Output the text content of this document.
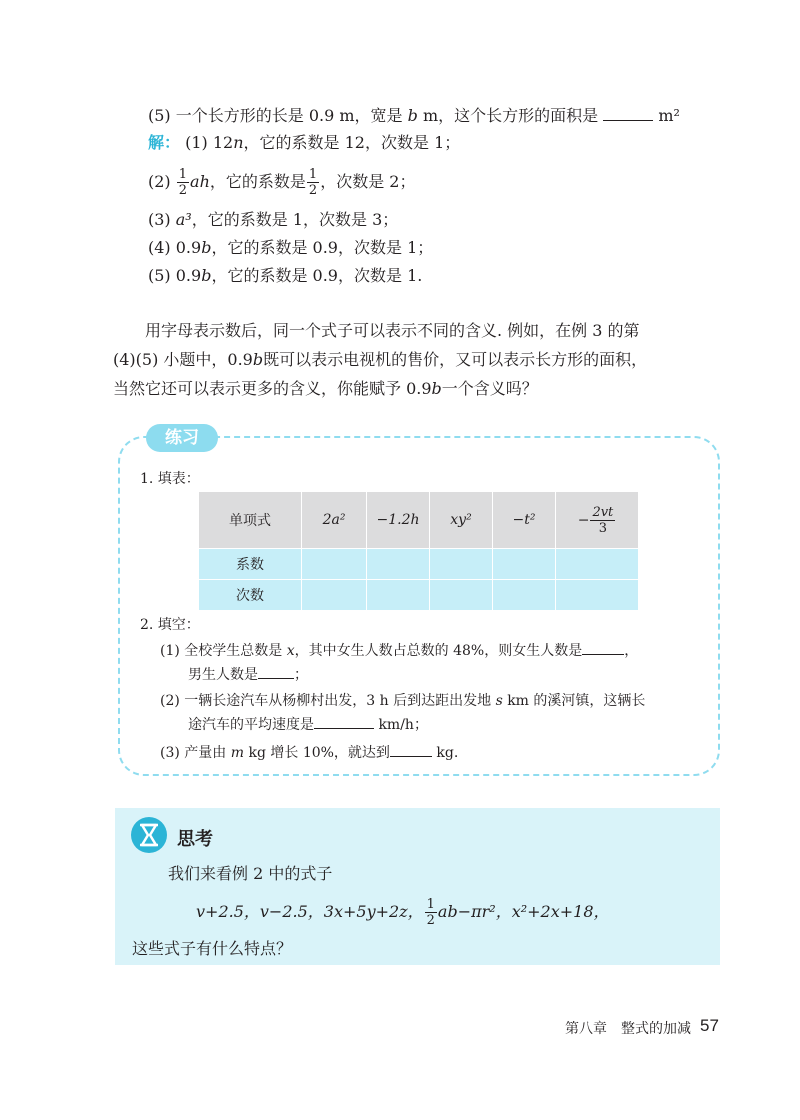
(5) 一个长方形的长是 0.9 m，宽是 b m，这个长方形的面积是	m²
解： (1) 12n，它的系数是 12，次数是 1；
$(2) \frac{1}{2}$ ah，它的系数是 $\frac{1}{2}$ ，次数是 2；
(3) a³，它的系数是 1，次数是 3；
(4) 0.9b，它的系数是 0.9，次数是 1；
(5) 0.9b，它的系数是 0.9，次数是 1.
用字母表示数后，同一个式子可以表示不同的含义. 例如，在例 3 的第
(4)(5) 小题中，0.9b既可以表示电视机的售价，又可以表示长方形的面积，
当然它还可以表示更多的含义，你能赋予 0.9b一个含义吗？
练习
1. 填表：
单项式	2a²	−1.2h	xy²	−t²	− $\frac{2vt}{3}$

系数					
次数					
2. 填空：
(1) 全校学生总数是 x，其中女生人数占总数的 48%，则女生人数是	，
男生人数是	；
(2) 一辆长途汽车从杨柳村出发，3 h 后到达距出发地 s km 的溪河镇，这辆长
途汽车的平均速度是	km/h；
(3) 产量由 m kg 增长 10%，就达到	kg.
思考
我们来看例 2 中的式子
v+2.5，v−2.5，3x+5y+2z， $\frac{1}{2} ab-\pi r^2$，x²+2x+18，
这些式子有什么特点？
第八章　整式的加减 57
